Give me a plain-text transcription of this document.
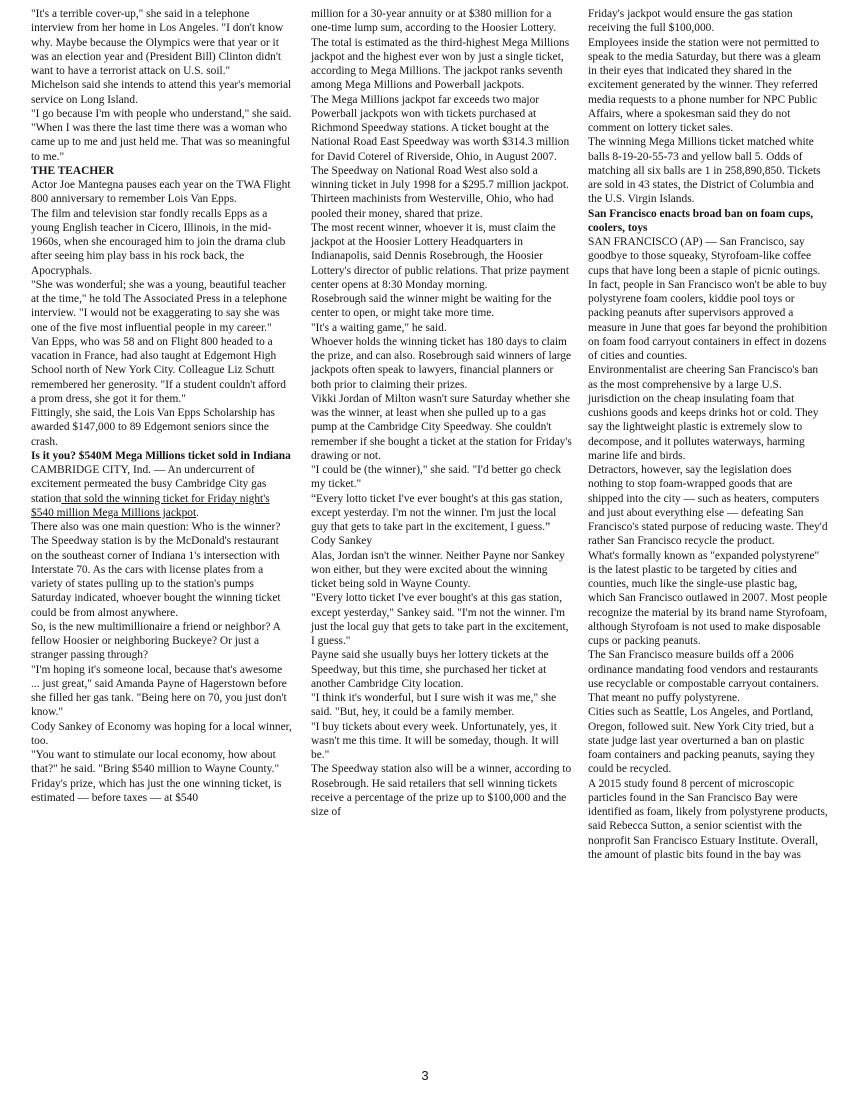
"It's a terrible cover-up," she said in a telephone interview from her home in Los Angeles. "I don't know why. Maybe because the Olympics were that year or it was an election year and (President Bill) Clinton didn't want to have a terrorist attack on U.S. soil."

Michelson said she intends to attend this year's memorial service on Long Island.

"I go because I'm with people who understand," she said. "When I was there the last time there was a woman who came up to me and just held me. That was so meaningful to me."

THE TEACHER

Actor Joe Mantegna pauses each year on the TWA Flight 800 anniversary to remember Lois Van Epps.

The film and television star fondly recalls Epps as a young English teacher in Cicero, Illinois, in the mid-1960s, when she encouraged him to join the drama club after seeing him play bass in his rock back, the Apocryphals.

"She was wonderful; she was a young, beautiful teacher at the time," he told The Associated Press in a telephone interview. "I would not be exaggerating to say she was one of the five most influential people in my career."

Van Epps, who was 58 and on Flight 800 headed to a vacation in France, had also taught at Edgemont High School north of New York City. Colleague Liz Schutt remembered her generosity. "If a student couldn't afford a prom dress, she got it for them."

Fittingly, she said, the Lois Van Epps Scholarship has awarded $147,000 to 89 Edgemont seniors since the crash.

Is it you? $540M Mega Millions ticket sold in Indiana

CAMBRIDGE CITY, Ind. — An undercurrent of excitement permeated the busy Cambridge City gas station that sold the winning ticket for Friday night's $540 million Mega Millions jackpot.

There also was one main question: Who is the winner?

The Speedway station is by the McDonald's restaurant on the southeast corner of Indiana 1's intersection with Interstate 70. As the cars with license plates from a variety of states pulling up to the station's pumps Saturday indicated, whoever bought the winning ticket could be from almost anywhere.

So, is the new multimillionaire a friend or neighbor? A fellow Hoosier or neighboring Buckeye? Or just a stranger passing through?

"I'm hoping it's someone local, because that's awesome ... just great," said Amanda Payne of Hagerstown before she filled her gas tank. "Being here on 70, you just don't know."

Cody Sankey of Economy was hoping for a local winner, too.

"You want to stimulate our local economy, how about that?" he said. "Bring $540 million to Wayne County."

Friday's prize, which has just the one winning ticket, is estimated — before taxes — at $540

million for a 30-year annuity or at $380 million for a one-time lump sum, according to the Hoosier Lottery. The total is estimated as the third-highest Mega Millions jackpot and the highest ever won by just a single ticket, according to Mega Millions. The jackpot ranks seventh among Mega Millions and Powerball jackpots.

The Mega Millions jackpot far exceeds two major Powerball jackpots won with tickets purchased at Richmond Speedway stations. A ticket bought at the National Road East Speedway was worth $314.3 million for David Coterel of Riverside, Ohio, in August 2007. The Speedway on National Road West also sold a winning ticket in July 1998 for a $295.7 million jackpot. Thirteen machinists from Westerville, Ohio, who had pooled their money, shared that prize.

The most recent winner, whoever it is, must claim the jackpot at the Hoosier Lottery Headquarters in Indianapolis, said Dennis Rosebrough, the Hoosier Lottery's director of public relations. That prize payment center opens at 8:30 Monday morning.

Rosebrough said the winner might be waiting for the center to open, or might take more time.

"It's a waiting game," he said.

Whoever holds the winning ticket has 180 days to claim the prize, and can also. Rosebrough said winners of large jackpots often speak to lawyers, financial planners or both prior to claiming their prizes.

Vikki Jordan of Milton wasn't sure Saturday whether she was the winner, at least when she pulled up to a gas pump at the Cambridge City Speedway. She couldn't remember if she bought a ticket at the station for Friday's drawing or not.

"I could be (the winner)," she said. "I'd better go check my ticket."

“Every lotto ticket I've ever bought's at this gas station, except yesterday. I'm not the winner. I'm just the local guy that gets to take part in the excitement, I guess.”

Cody Sankey

Alas, Jordan isn't the winner. Neither Payne nor Sankey won either, but they were excited about the winning ticket being sold in Wayne County.

"Every lotto ticket I've ever bought's at this gas station, except yesterday," Sankey said. "I'm not the winner. I'm just the local guy that gets to take part in the excitement, I guess."

Payne said she usually buys her lottery tickets at the Speedway, but this time, she purchased her ticket at another Cambridge City location.

"I think it's wonderful, but I sure wish it was me," she said. "But, hey, it could be a family member.

"I buy tickets about every week. Unfortunately, yes, it wasn't me this time. It will be someday, though. It will be."

The Speedway station also will be a winner, according to Rosebrough. He said retailers that sell winning tickets receive a percentage of the prize up to $100,000 and the size of

Friday's jackpot would ensure the gas station receiving the full $100,000.

Employees inside the station were not permitted to speak to the media Saturday, but there was a gleam in their eyes that indicated they shared in the excitement generated by the winner. They referred media requests to a phone number for NPC Public Affairs, where a spokesman said they do not comment on lottery ticket sales.

The winning Mega Millions ticket matched white balls 8-19-20-55-73 and yellow ball 5. Odds of matching all six balls are 1 in 258,890,850. Tickets are sold in 43 states, the District of Columbia and the U.S. Virgin Islands.

San Francisco enacts broad ban on foam cups, coolers, toys

SAN FRANCISCO (AP) — San Francisco, say goodbye to those squeaky, Styrofoam-like coffee cups that have long been a staple of picnic outings.

In fact, people in San Francisco won't be able to buy polystyrene foam coolers, kiddie pool toys or packing peanuts after supervisors approved a measure in June that goes far beyond the prohibition on foam food carryout containers in effect in dozens of cities and counties.

Environmentalist are cheering San Francisco's ban as the most comprehensive by a large U.S. jurisdiction on the cheap insulating foam that cushions goods and keeps drinks hot or cold. They say the lightweight plastic is extremely slow to decompose, and it pollutes waterways, harming marine life and birds.

Detractors, however, say the legislation does nothing to stop foam-wrapped goods that are shipped into the city — such as heaters, computers and just about everything else — defeating San Francisco's stated purpose of reducing waste. They'd rather San Francisco recycle the product.

What's formally known as "expanded polystyrene" is the latest plastic to be targeted by cities and counties, much like the single-use plastic bag, which San Francisco outlawed in 2007. Most people recognize the material by its brand name Styrofoam, although Styrofoam is not used to make disposable cups or packing peanuts.

The San Francisco measure builds off a 2006 ordinance mandating food vendors and restaurants use recyclable or compostable carryout containers. That meant no puffy polystyrene.

Cities such as Seattle, Los Angeles, and Portland, Oregon, followed suit. New York City tried, but a state judge last year overturned a ban on plastic foam containers and packing peanuts, saying they could be recycled.

A 2015 study found 8 percent of microscopic particles found in the San Francisco Bay were identified as foam, likely from polystyrene products, said Rebecca Sutton, a senior scientist with the nonprofit San Francisco Estuary Institute. Overall, the amount of plastic bits found in the bay was

3
